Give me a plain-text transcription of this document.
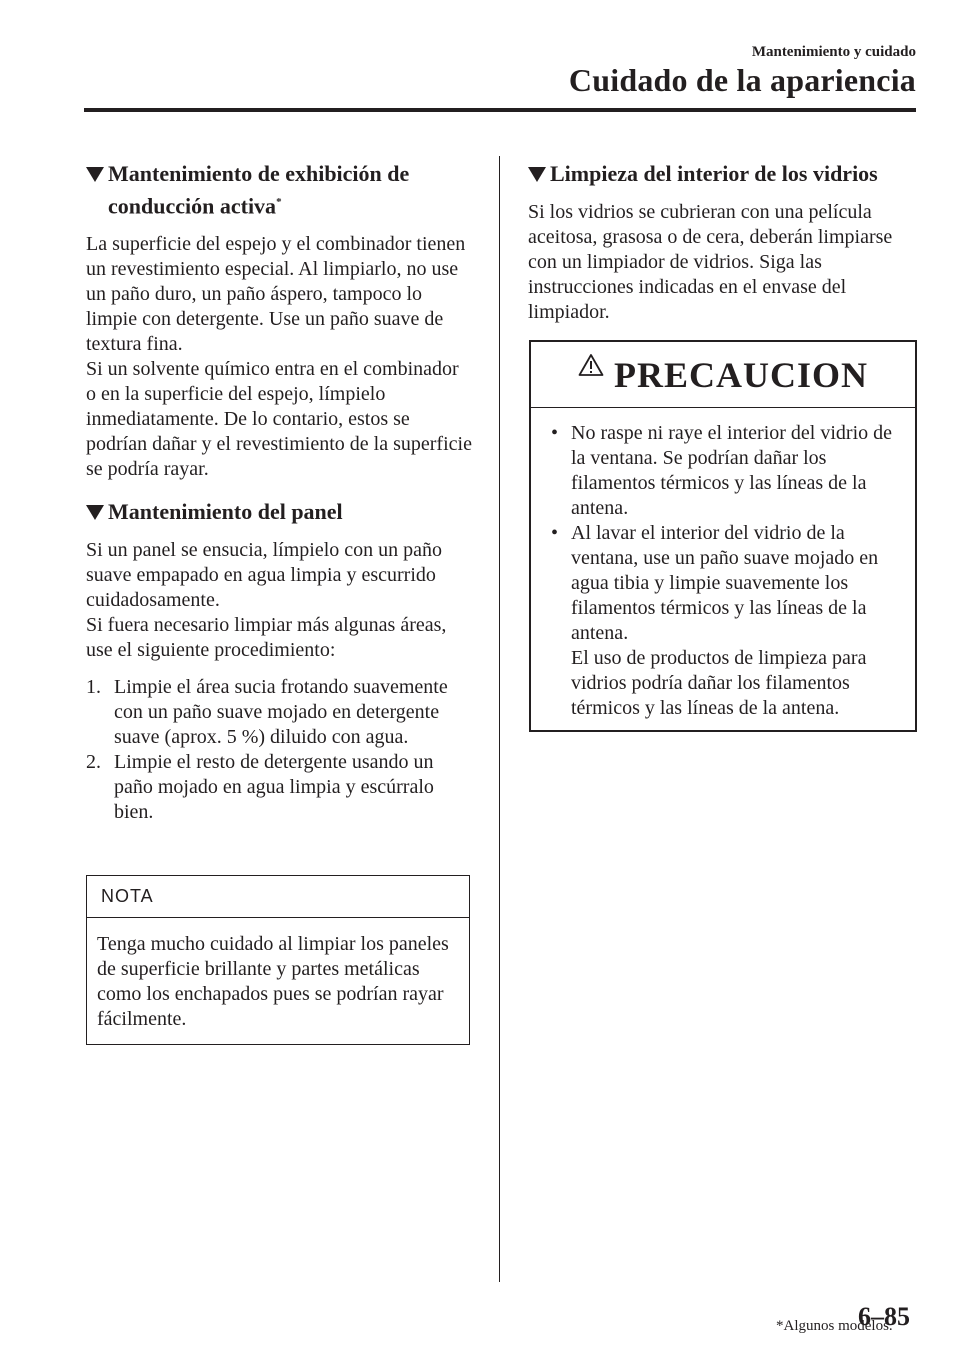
Mantenimiento y cuidado
Cuidado de la apariencia
Mantenimiento de exhibición de
conducción activa*

La superficie del espejo y el combinador tienen un revestimiento especial. Al limpiarlo, no use un paño duro, un paño áspero, tampoco lo limpie con detergente. Use un paño suave de textura fina.

Si un solvente químico entra en el combinador o en la superficie del espejo, límpielo inmediatamente. De lo contario, estos se podrían dañar y el revestimiento de la superficie se podría rayar.

Mantenimiento del panel

Si un panel se ensucia, límpielo con un paño suave empapado en agua limpia y escurrido cuidadosamente.

Si fuera necesario limpiar más algunas áreas, use el siguiente procedimiento:

1. Limpie el área sucia frotando suavemente con un paño suave mojado en detergente suave (aprox. 5 %) diluido con agua.
2. Limpie el resto de detergente usando un paño mojado en agua limpia y escúrralo bien.
NOTA
Tenga mucho cuidado al limpiar los paneles de superficie brillante y partes metálicas como los enchapados pues se podrían rayar fácilmente.
Limpieza del interior de los vidrios

Si los vidrios se cubrieran con una película aceitosa, grasosa o de cera, deberán limpiarse con un limpiador de vidrios. Siga las instrucciones indicadas en el envase del limpiador.

PRECAUCION
• No raspe ni raye el interior del vidrio de la ventana. Se podrían dañar los filamentos térmicos y las líneas de la antena.
• Al lavar el interior del vidrio de la ventana, use un paño suave mojado en agua tibia y limpie suavemente los filamentos térmicos y las líneas de la antena.
El uso de productos de limpieza para vidrios podría dañar los filamentos térmicos y las líneas de la antena.
*Algunos modelos.
6–85
